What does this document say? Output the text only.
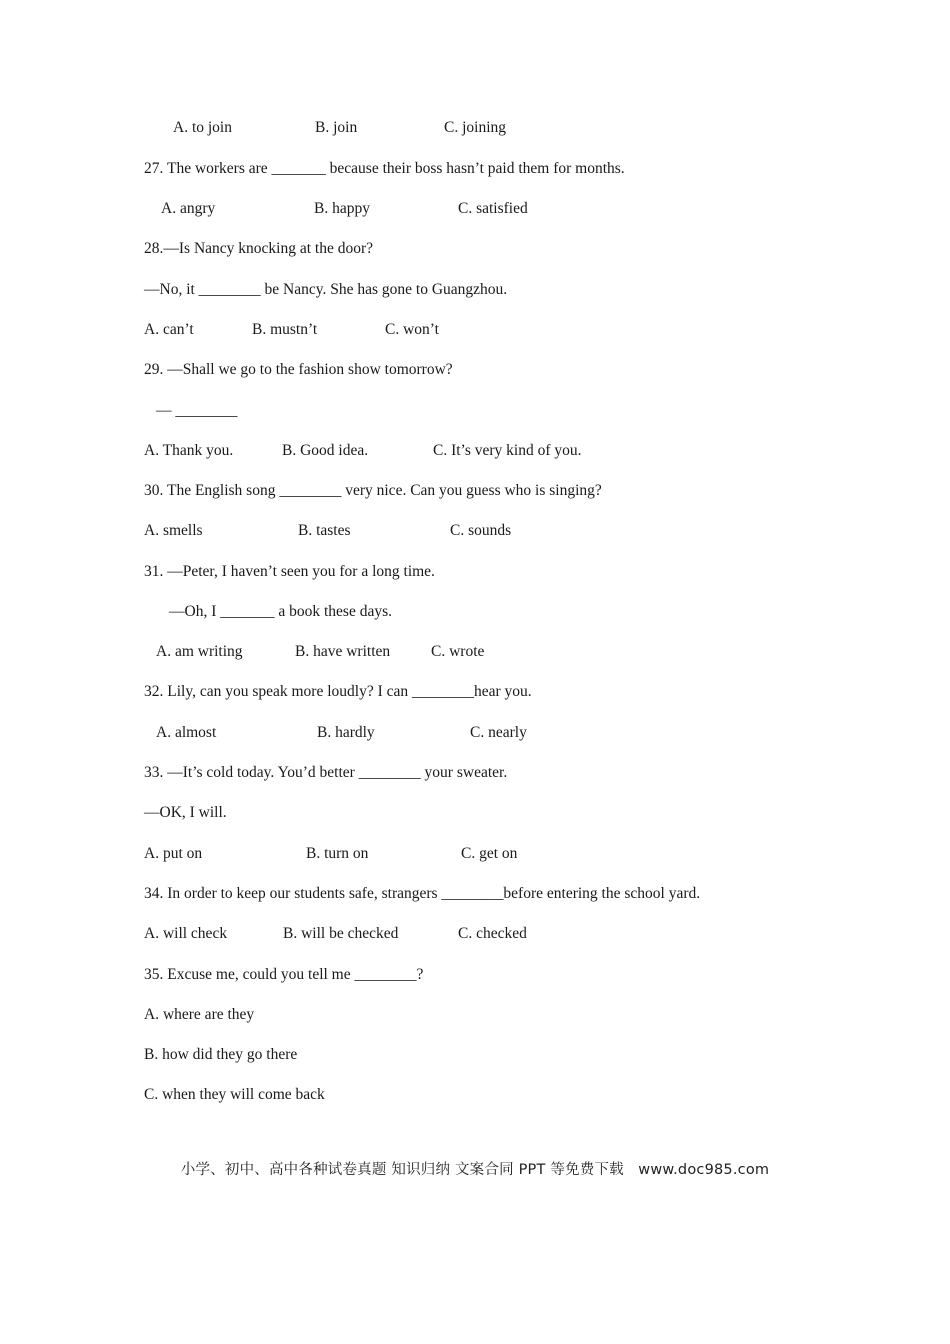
A. to join	B. join	C. joining
27. The workers are _______ because their boss hasn’t paid them for months.
A. angry	B. happy	C. satisfied
28.—Is Nancy knocking at the door?
—No, it ________ be Nancy. She has gone to Guangzhou.
A. can’t	B. mustn’t	C. won’t
29. —Shall we go to the fashion show tomorrow?
— ________
A. Thank you.	B. Good idea.	C. It’s very kind of you.
30. The English song ________ very nice. Can you guess who is singing?
A. smells	B. tastes	C. sounds
31. —Peter, I haven’t seen you for a long time.
—Oh, I _______ a book these days.
A. am writing	B. have written	C. wrote
32. Lily, can you speak more loudly? I can ________hear you.
A. almost	B. hardly	C. nearly
33. —It’s cold today. You’d better ________ your sweater.
—OK, I will.
A. put on	B. turn on	C. get on
34. In order to keep our students safe, strangers ________before entering the school yard.
A. will check	B. will be checked	C. checked
35. Excuse me, could you tell me ________?
A. where are they
B. how did they go there
C. when they will come back
小学、初中、高中各种试卷真题 知识归纳 文案合同 PPT 等免费下载   www.doc985.com
